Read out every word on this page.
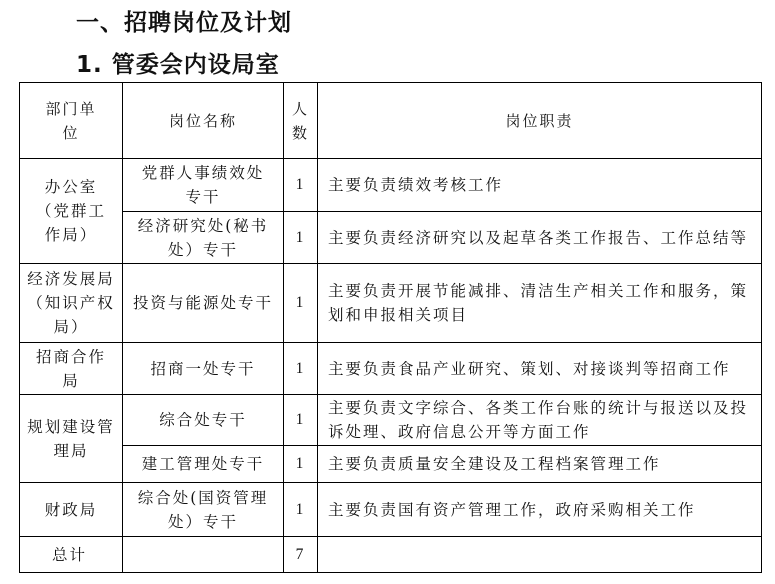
一、招聘岗位及计划
1. 管委会内设局室
部门单位	岗位名称	人数	岗位职责
办公室（党群工作局）	党群人事绩效处专干	1	主要负责绩效考核工作
	经济研究处(秘书处）专干	1	主要负责经济研究以及起草各类工作报告、工作总结等
经济发展局（知识产权局）	投资与能源处专干	1	主要负责开展节能减排、清洁生产相关工作和服务，策划和申报相关项目
招商合作局	招商一处专干	1	主要负责食品产业研究、策划、对接谈判等招商工作
规划建设管理局	综合处专干	1	主要负责文字综合、各类工作台账的统计与报送以及投诉处理、政府信息公开等方面工作
	建工管理处专干	1	主要负责质量安全建设及工程档案管理工作
财政局	综合处(国资管理处）专干	1	主要负责国有资产管理工作，政府采购相关工作
总计		7	
